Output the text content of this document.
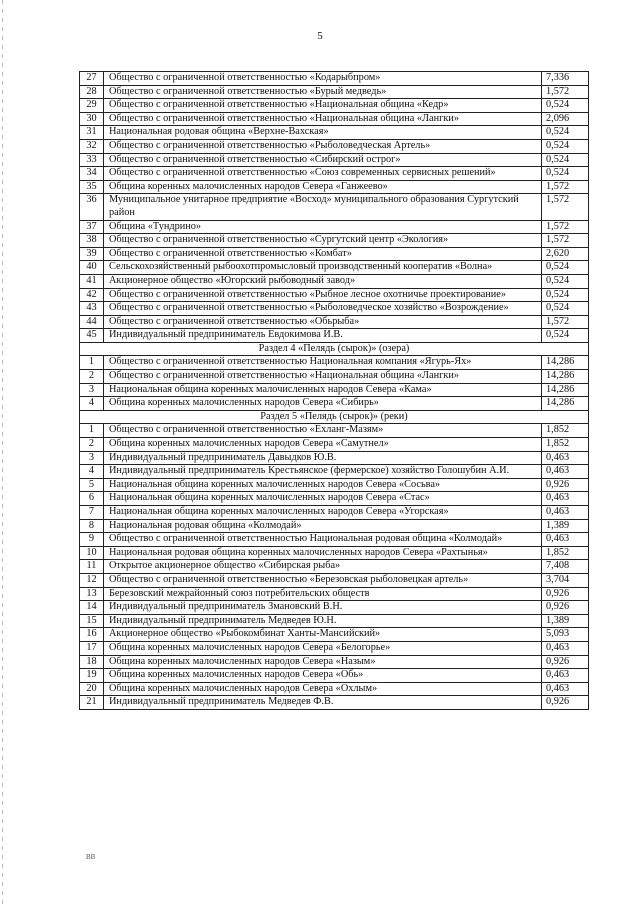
5
27	Общество с ограниченной ответственностью «Кодарыбпром»	7,336
28	Общество с ограниченной ответственностью «Бурый медведь»	1,572
29	Общество с ограниченной ответственностью «Национальная община «Кедр»	0,524
30	Общество с ограниченной ответственностью «Национальная община «Лангки»	2,096
31	Национальная родовая община «Верхне-Вахская»	0,524
32	Общество с ограниченной ответственностью «Рыболоведческая Артель»	0,524
33	Общество с ограниченной ответственностью «Сибирский острог»	0,524
34	Общество с ограниченной ответственностью «Союз современных сервисных решений»	0,524
35	Община коренных малочисленных народов Севера «Ганжеево»	1,572
36	Муниципальное унитарное предприятие «Восход» муниципального образования Сургутский район	1,572
37	Община «Тундрино»	1,572
38	Общество с ограниченной ответственностью «Сургутский центр «Экология»	1,572
39	Общество с ограниченной ответственностью «Комбат»	2,620
40	Сельскохозяйственный рыбоохотпромысловый производственный кооператив «Волна»	0,524
41	Акционерное общество «Югорский рыбоводный завод»	0,524
42	Общество с ограниченной ответственностью «Рыбное лесное охотничье проектирование»	0,524
43	Общество с ограниченной ответственностью «Рыболоведческое хозяйство «Возрождение»	0,524
44	Общество с ограниченной ответственностью «Обьрыба»	1,572
45	Индивидуальный предприниматель Евдокимова И.В.	0,524
Раздел 4 «Пелядь (сырок)» (озера)		
1	Общество с ограниченной ответственностью Национальная компания «Ягурь-Ях»	14,286
2	Общество с ограниченной ответственностью «Национальная община «Лангки»	14,286
3	Национальная община коренных малочисленных народов Севера «Кама»	14,286
4	Община коренных малочисленных народов Севера «Сибирь»	14,286
Раздел 5 «Пелядь (сырок)» (реки)		
1	Общество с ограниченной ответственностью «Ехланг-Мазям»	1,852
2	Община коренных малочисленных народов Севера «Самутнел»	1,852
3	Индивидуальный предприниматель Давыдков Ю.В.	0,463
4	Индивидуальный предприниматель Крестьянское (фермерское) хозяйство Голошубин А.И.	0,463
5	Национальная община коренных малочисленных народов Севера «Сосьва»	0,926
6	Национальная община коренных малочисленных народов Севера «Стас»	0,463
7	Национальная община коренных малочисленных народов Севера «Угорская»	0,463
8	Национальная родовая община «Колмодай»	1,389
9	Общество с ограниченной ответственностью Национальная родовая община «Колмодай»	0,463
10	Национальная родовая община коренных малочисленных народов Севера «Рахтынья»	1,852
11	Открытое акционерное общество «Сибирская рыба»	7,408
12	Общество с ограниченной ответственностью «Березовская рыболовецкая артель»	3,704
13	Березовский межрайонный союз потребительских обществ	0,926
14	Индивидуальный предприниматель Змановский В.Н.	0,926
15	Индивидуальный предприниматель Медведев Ю.Н.	1,389
16	Акционерное общество «Рыбокомбинат Ханты-Мансийский»	5,093
17	Община коренных малочисленных народов Севера «Белогорье»	0,463
18	Община коренных малочисленных народов Севера «Назым»	0,926
19	Община коренных малочисленных народов Севера «Обь»	0,463
20	Община коренных малочисленных народов Севера «Охлым»	0,463
21	Индивидуальный предприниматель Медведев Ф.В.	0,926
BB
